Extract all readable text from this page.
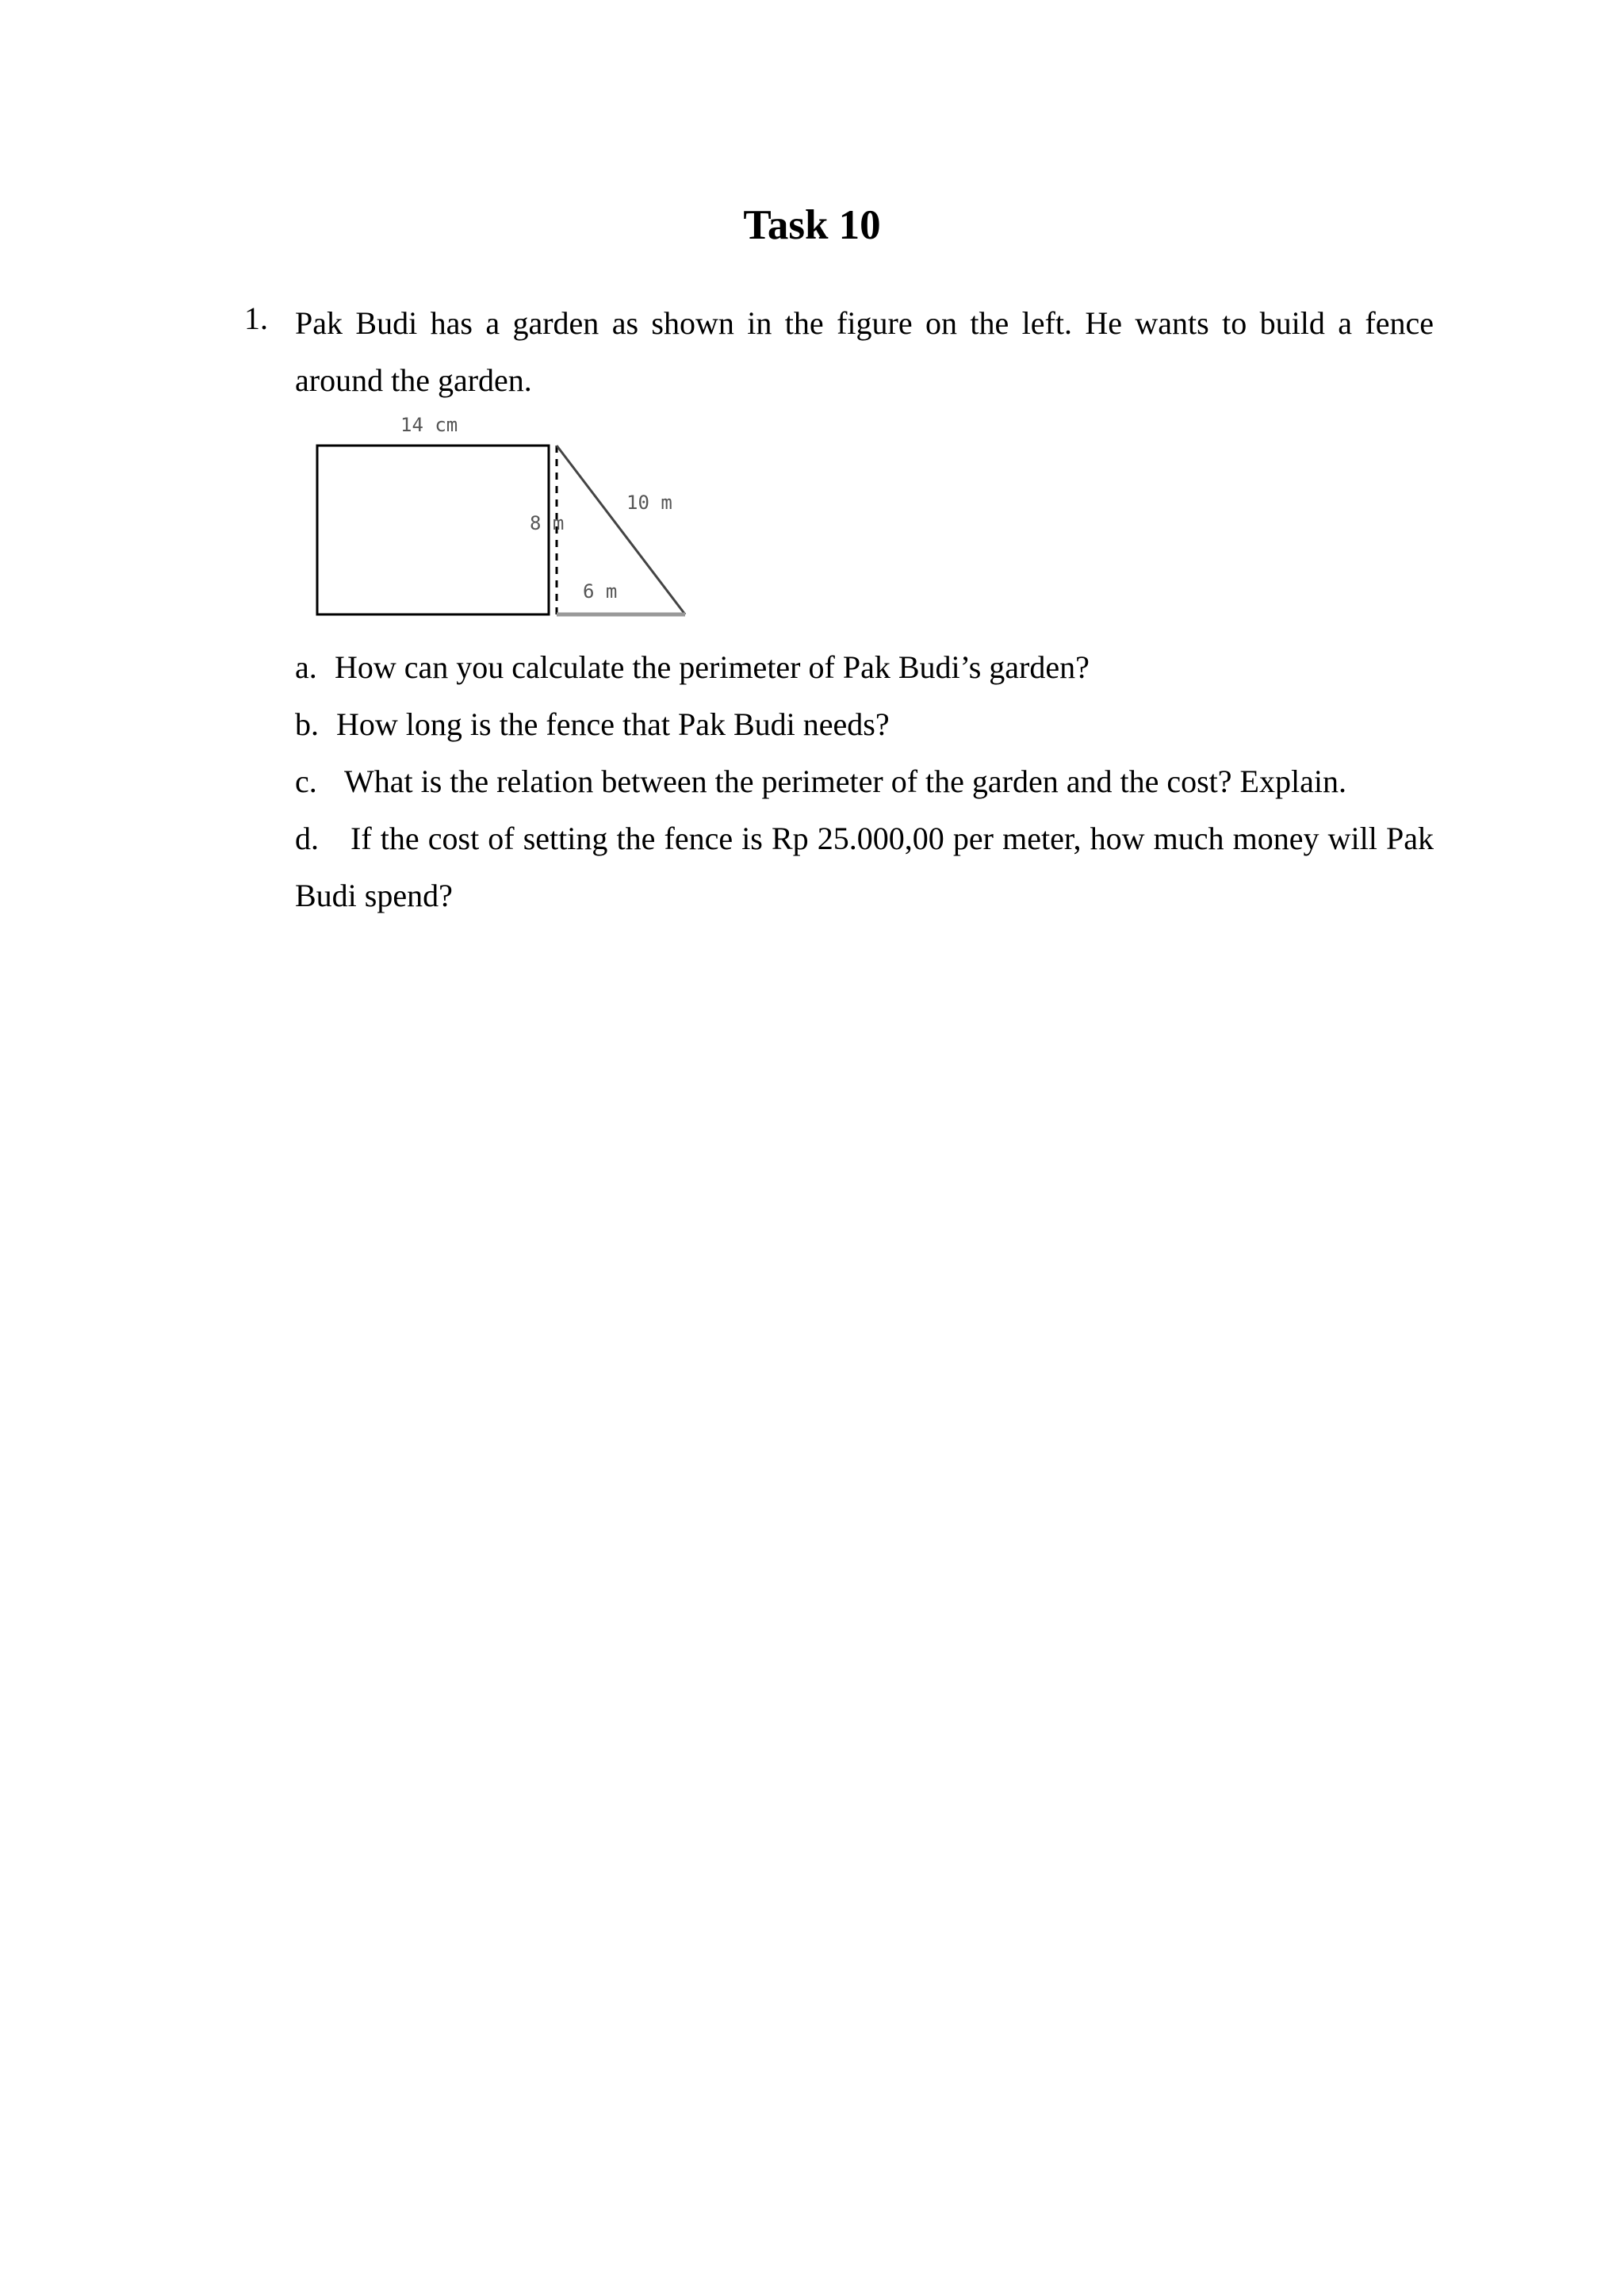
Task 10
1. Pak Budi has a garden as shown in the figure on the left. He wants to build a fence around the garden.

14 cm
8 m
10 m
6 m

a. How can you calculate the perimeter of Pak Budi’s garden?

b. How long is the fence that Pak Budi needs?

c. What is the relation between the perimeter of the garden and the cost? Explain.

d. If the cost of setting the fence is Rp 25.000,00 per meter, how much money will Pak Budi spend?
